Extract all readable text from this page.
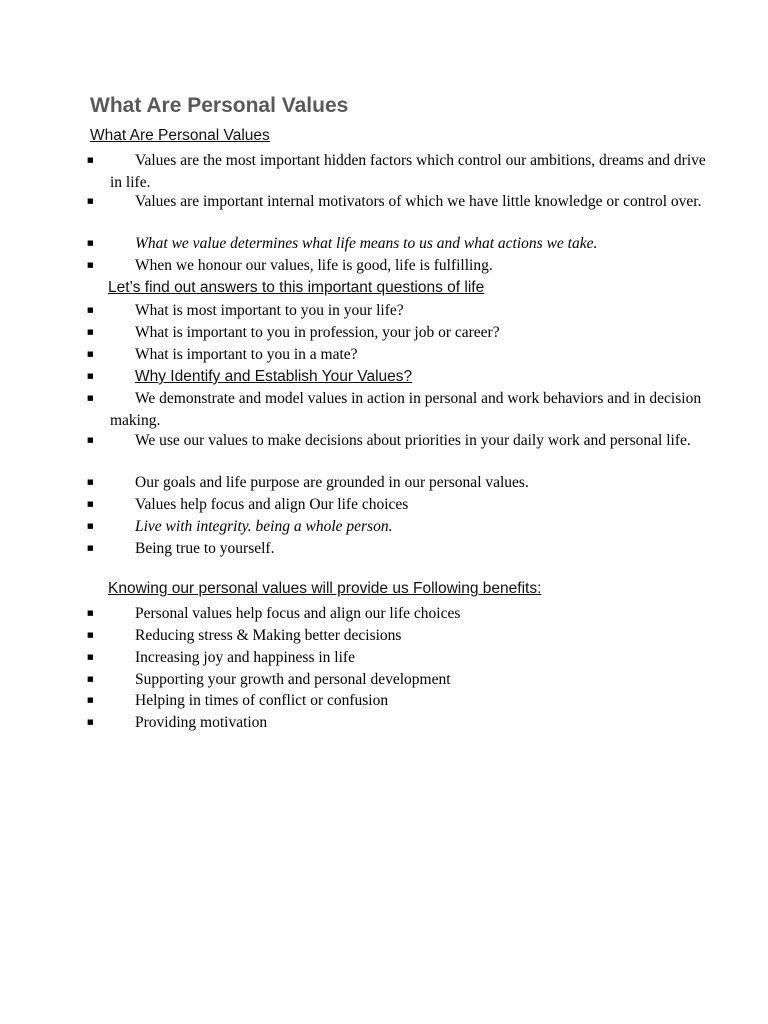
What Are Personal Values
What Are Personal Values
■	Values are the most important hidden factors which control our ambitions, dreams and drive in life.
■	Values are important internal motivators of which we have little knowledge or control over.
■	What we value determines what life means to us and what actions we take.
■	When we honour our values, life is good, life is fulfilling.
Let’s find out answers to this important questions of life
■	What is most important to you in your life?
■	What is important to you in profession, your job or career?
■	What is important to you in a mate?
■	Why Identify and Establish Your Values?
■	We demonstrate and model values in action in personal and work behaviors and in decision making.
■	We use our values to make decisions about priorities in your daily work and personal life.
■	Our goals and life purpose are grounded in our personal values.
■	Values help focus and align Our life choices
■	Live with integrity. being a whole person.
■	Being true to yourself.
Knowing our personal values will provide us Following benefits:
■	Personal values help focus and align our life choices
■	Reducing stress & Making better decisions
■	Increasing joy and happiness in life
■	Supporting your growth and personal development
■	Helping in times of conflict or confusion
■	Providing motivation
